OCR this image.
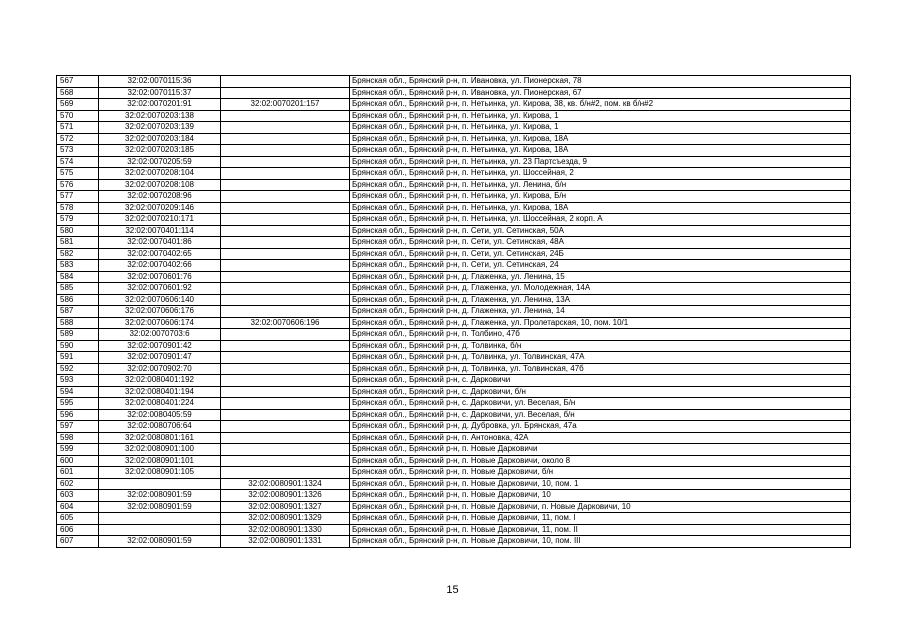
567	32:02:0070115:36		Брянская обл., Брянский р-н, п. Ивановка, ул. Пионерская, 78
568	32:02:0070115:37		Брянская обл., Брянский р-н, п. Ивановка, ул. Пионерская, 67
569	32:02:0070201:91	32:02:0070201:157	Брянская обл., Брянский р-н, п. Нетьинка, ул. Кирова, 38, кв. б/н#2, пом. кв б/н#2
570	32:02:0070203:138		Брянская обл., Брянский р-н, п. Нетьинка, ул. Кирова, 1
571	32:02:0070203:139		Брянская обл., Брянский р-н, п. Нетьинка, ул. Кирова, 1
572	32:02:0070203:184		Брянская обл., Брянский р-н, п. Нетьинка, ул. Кирова, 18А
573	32:02:0070203:185		Брянская обл., Брянский р-н, п. Нетьинка, ул. Кирова, 18А
574	32:02:0070205:59		Брянская обл., Брянский р-н, п. Нетьинка, ул. 23 Партсъезда, 9
575	32:02:0070208:104		Брянская обл., Брянский р-н, п. Нетьинка, ул. Шоссейная, 2
576	32:02:0070208:108		Брянская обл., Брянский р-н, п. Нетьинка, ул. Ленина, б/н
577	32:02:0070208:96		Брянская обл., Брянский р-н, п. Нетьинка, ул. Кирова, Б/н
578	32:02:0070209:146		Брянская обл., Брянский р-н, п. Нетьинка, ул. Кирова, 18А
579	32:02:0070210:171		Брянская обл., Брянский р-н, п. Нетьинка, ул. Шоссейная, 2 корп. А
580	32:02:0070401:114		Брянская обл., Брянский р-н, п. Сети, ул. Сетинская, 50А
581	32:02:0070401:86		Брянская обл., Брянский р-н, п. Сети, ул. Сетинская, 48А
582	32:02:0070402:65		Брянская обл., Брянский р-н, п. Сети, ул. Сетинская, 24Б
583	32:02:0070402:66		Брянская обл., Брянский р-н, п. Сети, ул. Сетинская, 24
584	32:02:0070601:76		Брянская обл., Брянский р-н, д. Глаженка, ул. Ленина, 15
585	32:02:0070601:92		Брянская обл., Брянский р-н, д. Глаженка, ул. Молодежная, 14А
586	32:02:0070606:140		Брянская обл., Брянский р-н, д. Глаженка, ул. Ленина, 13А
587	32:02:0070606:176		Брянская обл., Брянский р-н, д. Глаженка, ул. Ленина, 14
588	32:02:0070606:174	32:02:0070606:196	Брянская обл., Брянский р-н, д. Глаженка, ул. Пролетарская, 10, пом. 10/1
589	32:02:0070703:6		Брянская обл., Брянский р-н, п. Толбино, 47б
590	32:02:0070901:42		Брянская обл., Брянский р-н, д. Толвинка, б/н
591	32:02:0070901:47		Брянская обл., Брянский р-н, д. Толвинка, ул. Толвинская, 47А
592	32:02:0070902:70		Брянская обл., Брянский р-н, д. Толвинка, ул. Толвинская, 47б
593	32:02:0080401:192		Брянская обл., Брянский р-н, с. Дарковичи
594	32:02:0080401:194		Брянская обл., Брянский р-н, с. Дарковичи, б/н
595	32:02:0080401:224		Брянская обл., Брянский р-н, с. Дарковичи, ул. Веселая, Б/н
596	32:02:0080405:59		Брянская обл., Брянский р-н, с. Дарковичи, ул. Веселая, б/н
597	32:02:0080706:64		Брянская обл., Брянский р-н, д. Дубровка, ул. Брянская, 47а
598	32:02:0080801:161		Брянская обл., Брянский р-н, п. Антоновка, 42А
599	32:02:0080901:100		Брянская обл., Брянский р-н, п. Новые Дарковичи
600	32:02:0080901:101		Брянская обл., Брянский р-н, п. Новые Дарковичи, около 8
601	32:02:0080901:105		Брянская обл., Брянский р-н, п. Новые Дарковичи, б/н
602		32:02:0080901:1324	Брянская обл., Брянский р-н, п. Новые Дарковичи, 10, пом. 1
603	32:02:0080901:59	32:02:0080901:1326	Брянская обл., Брянский р-н, п. Новые Дарковичи, 10
604	32:02:0080901:59	32:02:0080901:1327	Брянская обл., Брянский р-н, п. Новые Дарковичи, п. Новые Дарковичи, 10
605		32:02:0080901:1329	Брянская обл., Брянский р-н, п. Новые Дарковичи, 11, пом. I
606		32:02:0080901:1330	Брянская обл., Брянский р-н, п. Новые Дарковичи, 11, пом. II
607	32:02:0080901:59	32:02:0080901:1331	Брянская обл., Брянский р-н, п. Новые Дарковичи, 10, пом. III
15
